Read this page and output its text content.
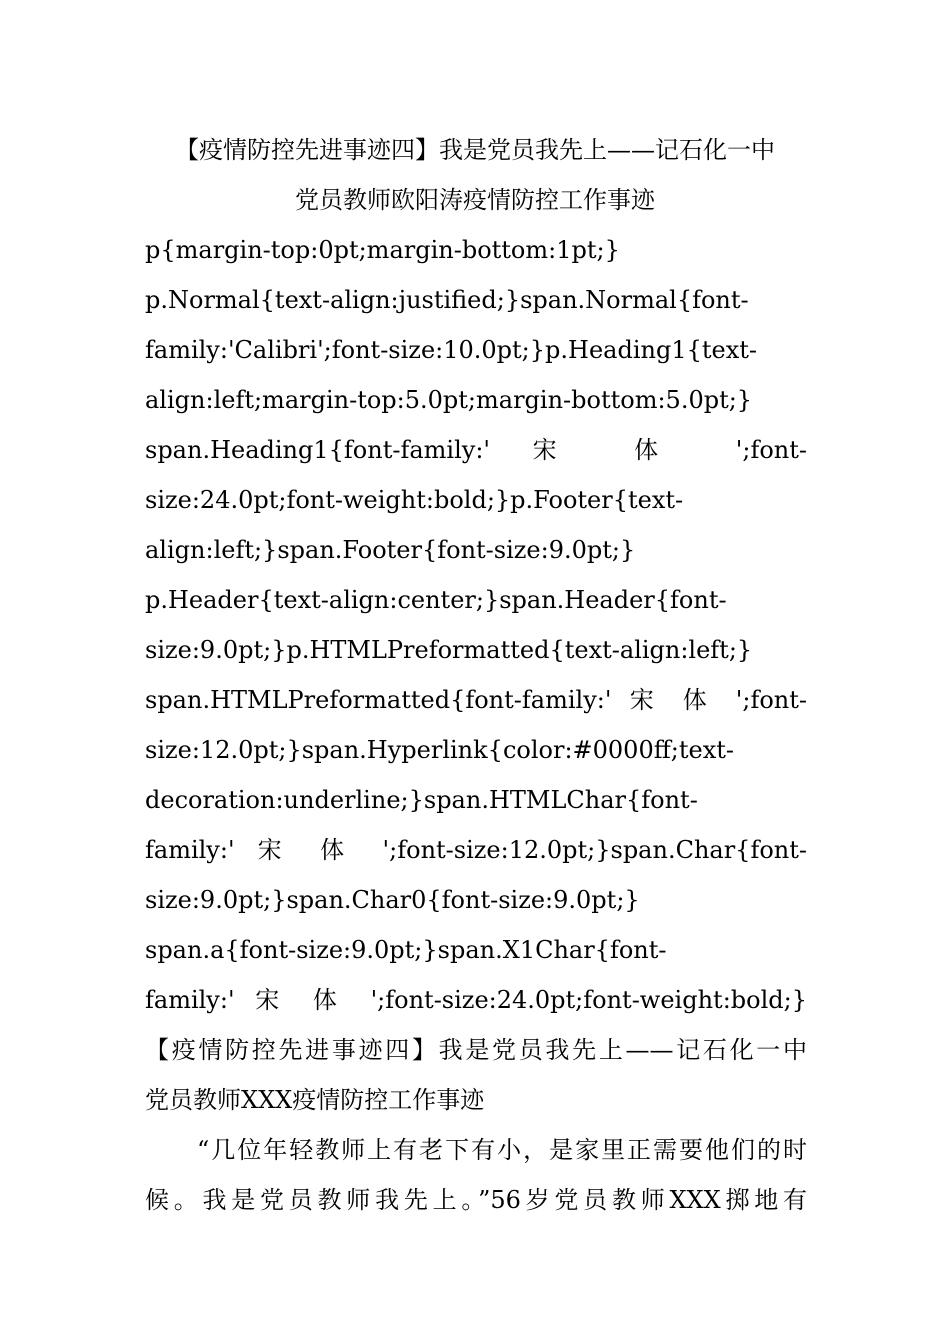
【疫情防控先进事迹四】我是党员我先上——记石化一中
党员教师欧阳涛疫情防控工作事迹
p{margin-top:0pt;margin-bottom:1pt;}
p.Normal{text-align:justified;}span.Normal{font-
family:'Calibri';font-size:10.0pt;}p.Heading1{text-
align:left;margin-top:5.0pt;margin-bottom:5.0pt;}
span.Heading1{font-family:' 宋 体 ';font-
size:24.0pt;font-weight:bold;}p.Footer{text-
align:left;}span.Footer{font-size:9.0pt;}
p.Header{text-align:center;}span.Header{font-
size:9.0pt;}p.HTMLPreformatted{text-align:left;}
span.HTMLPreformatted{font-family:' 宋 体 ';font-
size:12.0pt;}span.Hyperlink{color:#0000ff;text-
decoration:underline;}span.HTMLChar{font-
family:' 宋 体 ';font-size:12.0pt;}span.Char{font-
size:9.0pt;}span.Char0{font-size:9.0pt;}
span.a{font-size:9.0pt;}span.X1Char{font-
family:' 宋 体 ';font-size:24.0pt;font-weight:bold;}
【疫情防控先进事迹四】我是党员我先上——记石化一中
党员教师XXX疫情防控工作事迹
　　“几位年轻教师上有老下有小，是家里正需要他们的时
候。我是党员教师我先上。”56岁党员教师XXX掷地有
